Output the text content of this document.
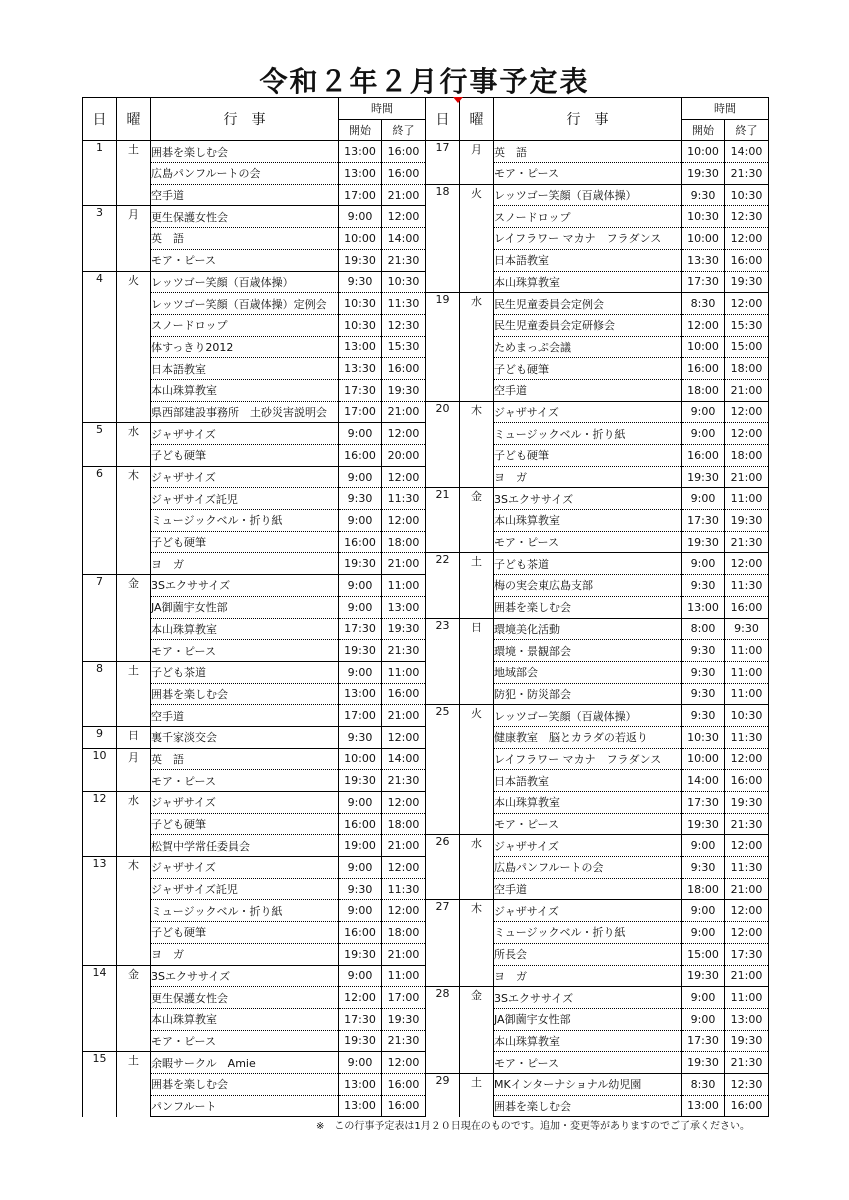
令和２年２月行事予定表
日	曜	行　事	時間	
			開始	終了
1	土	囲碁を楽しむ会	13:00	16:00
		広島パンフルートの会	13:00	16:00
		空手道	17:00	21:00
3	月	更生保護女性会	9:00	12:00
		英　語	10:00	14:00
		モア・ピース	19:30	21:30
4	火	レッツゴー笑顔（百歳体操）	9:30	10:30
		レッツゴー笑顔（百歳体操）定例会	10:30	11:30
		スノードロップ	10:30	12:30
		体すっきり2012	13:00	15:30
		日本語教室	13:30	16:00
		本山珠算教室	17:30	19:30
		県西部建設事務所　土砂災害説明会	17:00	21:00
5	水	ジャザサイズ	9:00	12:00
		子ども硬筆	16:00	20:00
6	木	ジャザサイズ	9:00	12:00
		ジャザサイズ託児	9:30	11:30
		ミュージックベル・折り紙	9:00	12:00
		子ども硬筆	16:00	18:00
		ヨ　ガ	19:30	21:00
7	金	3Sエクササイズ	9:00	11:00
		JA御薗宇女性部	9:00	13:00
		本山珠算教室	17:30	19:30
		モア・ピース	19:30	21:30
8	土	子ども茶道	9:00	11:00
		囲碁を楽しむ会	13:00	16:00
		空手道	17:00	21:00
9	日	裏千家淡交会	9:30	12:00
10	月	英　語	10:00	14:00
		モア・ピース	19:30	21:30
12	水	ジャザサイズ	9:00	12:00
		子ども硬筆	16:00	18:00
		松賀中学常任委員会	19:00	21:00
13	木	ジャザサイズ	9:00	12:00
		ジャザサイズ託児	9:30	11:30
		ミュージックベル・折り紙	9:00	12:00
		子ども硬筆	16:00	18:00
		ヨ　ガ	19:30	21:00
14	金	3Sエクササイズ	9:00	11:00
		更生保護女性会	12:00	17:00
		本山珠算教室	17:30	19:30
		モア・ピース	19:30	21:30
15	土	余暇サークル　Amie	9:00	12:00
		囲碁を楽しむ会	13:00	16:00
		パンフルート	13:00	16:00
日	曜	行　事	時間	
			開始	終了
17	月	英　語	10:00	14:00
		モア・ピース	19:30	21:30
18	火	レッツゴー笑顔（百歳体操）	9:30	10:30
		スノードロップ	10:30	12:30
		レイフラワー マカナ　フラダンス	10:00	12:00
		日本語教室	13:30	16:00
		本山珠算教室	17:30	19:30
19	水	民生児童委員会定例会	8:30	12:00
		民生児童委員会定研修会	12:00	15:30
		ためまっぷ会議	10:00	15:00
		子ども硬筆	16:00	18:00
		空手道	18:00	21:00
20	木	ジャザサイズ	9:00	12:00
		ミュージックベル・折り紙	9:00	12:00
		子ども硬筆	16:00	18:00
		ヨ　ガ	19:30	21:00
21	金	3Sエクササイズ	9:00	11:00
		本山珠算教室	17:30	19:30
		モア・ピース	19:30	21:30
22	土	子ども茶道	9:00	12:00
		梅の実会東広島支部	9:30	11:30
		囲碁を楽しむ会	13:00	16:00
23	日	環境美化活動	8:00	9:30
		環境・景観部会	9:30	11:00
		地域部会	9:30	11:00
		防犯・防災部会	9:30	11:00
25	火	レッツゴー笑顔（百歳体操）	9:30	10:30
		健康教室　脳とカラダの若返り	10:30	11:30
		レイフラワー マカナ　フラダンス	10:00	12:00
		日本語教室	14:00	16:00
		本山珠算教室	17:30	19:30
		モア・ピース	19:30	21:30
26	水	ジャザサイズ	9:00	12:00
		広島パンフルートの会	9:30	11:30
		空手道	18:00	21:00
27	木	ジャザサイズ	9:00	12:00
		ミュージックベル・折り紙	9:00	12:00
		所長会	15:00	17:30
		ヨ　ガ	19:30	21:00
28	金	3Sエクササイズ	9:00	11:00
		JA御薗宇女性部	9:00	13:00
		本山珠算教室	17:30	19:30
		モア・ピース	19:30	21:30
29	土	MKインターナショナル幼児園	8:30	12:30
		囲碁を楽しむ会	13:00	16:00
※　この行事予定表は1月２０日現在のものです。追加・変更等がありますのでご了承ください。
